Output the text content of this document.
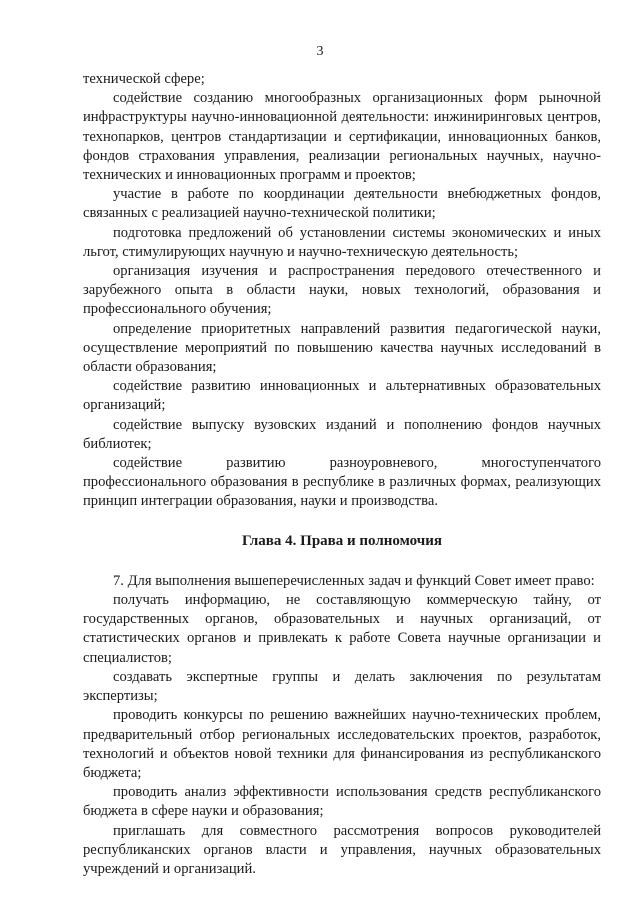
3

технической сфере;

содействие созданию многообразных организационных форм рыночной инфраструктуры научно-инновационной деятельности: инжиниринговых центров, технопарков, центров стандартизации и сертификации, инновационных банков, фондов страхования управления, реализации региональных научных, научно-технических и инновационных программ и проектов;

участие в работе по координации деятельности внебюджетных фондов, связанных с реализацией научно-технической политики;

подготовка предложений об установлении системы экономических и иных льгот, стимулирующих научную и научно-техническую деятельность;

организация изучения и распространения передового отечественного и зарубежного опыта в области науки, новых технологий, образования и профессионального обучения;

определение приоритетных направлений развития педагогической науки, осуществление мероприятий по повышению качества научных исследований в области образования;

содействие развитию инновационных и альтернативных образовательных организаций;

содействие выпуску вузовских изданий и пополнению фондов научных библиотек;

содействие развитию разноуровневого, многоступенчатого профессионального образования в республике в различных формах, реализующих принцип интеграции образования, науки и производства.

Глава 4. Права и полномочия

7. Для выполнения вышеперечисленных задач и функций Совет имеет право:

получать информацию, не составляющую коммерческую тайну, от государственных органов, образовательных и научных организаций, от статистических органов и привлекать к работе Совета научные организации и специалистов;

создавать экспертные группы и делать заключения по результатам экспертизы;

проводить конкурсы по решению важнейших научно-технических проблем, предварительный отбор региональных исследовательских проектов, разработок, технологий и объектов новой техники для финансирования из республиканского бюджета;

проводить анализ эффективности использования средств республиканского бюджета в сфере науки и образования;

приглашать для совместного рассмотрения вопросов руководителей республиканских органов власти и управления, научных образовательных учреждений и организаций.
